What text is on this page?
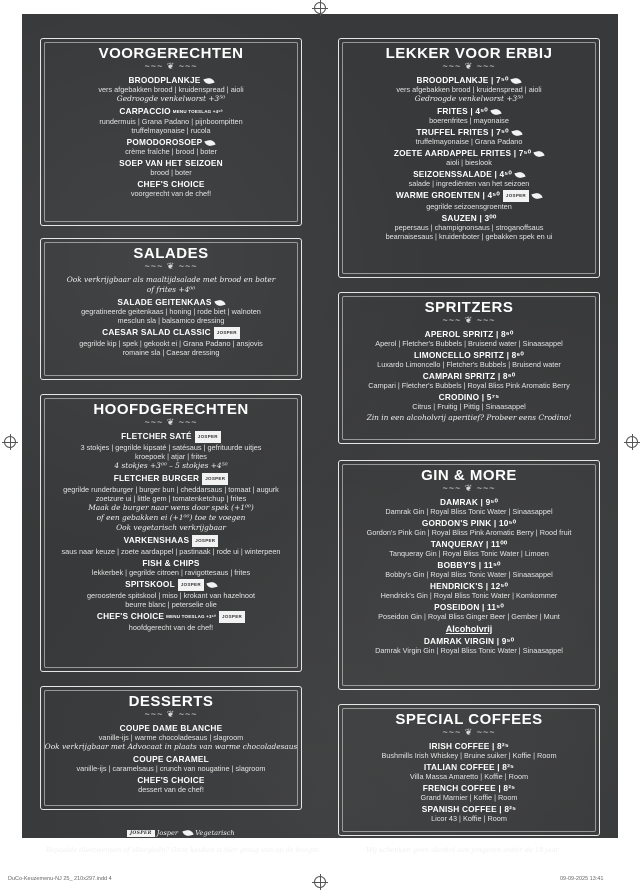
VOORGERECHTEN
~~~ ❦ ~~~
BROODPLANKJE
vers afgebakken brood | kruidenspread | aioli
Gedroogde venkelworst +3⁵⁰
CARPACCIO MENU TOESLAG +4⁵⁰
rundermuis | Grana Padano | pijnboompitten
truffelmayonaise | rucola
POMODOROSOEP
crème fraîche | brood | boter
SOEP VAN HET SEIZOEN
brood | boter
CHEF'S CHOICE
voorgerecht van de chef!
SALADES
~~~ ❦ ~~~
Ook verkrijgbaar als maaltijdsalade met brood en boter
of frites +4⁰⁰
SALADE GEITENKAAS
gegratineerde geitenkaas | honing | rode biet | walnoten
mesclun sla | balsamico dressing
CAESAR SALAD CLASSIC JOSPER
gegrilde kip | spek | gekookt ei | Grana Padano | ansjovis
romaine sla | Caesar dressing
HOOFDGERECHTEN
~~~ ❦ ~~~
FLETCHER SATÉ JOSPER
3 stokjes | gegrilde kipsaté | satésaus | gefrituurde uitjes
kroepoek | atjar | frites
4 stokjes +3⁰⁰ – 5 stokjes +4⁵⁰
FLETCHER BURGER JOSPER
gegrilde runderburger | burger bun | cheddarsaus | tomaat | augurk
zoetzure ui | little gem | tomatenketchup | frites
Maak de burger naar wens door spek (+1⁰⁰)
of een gebakken ei (+1⁰⁰) toe te voegen
Ook vegetarisch verkrijgbaar
VARKENSHAAS JOSPER
saus naar keuze | zoete aardappel | pastinaak | rode ui | winterpeen
FISH & CHIPS
lekkerbek | gegrilde citroen | ravigottesaus | frites
SPITSKOOL JOSPER
geroosterde spitskool | miso | krokant van hazelnoot
beurre blanc | peterselie olie
CHEF'S CHOICE MENU TOESLAG +3⁵⁰ JOSPER
hoofdgerecht van de chef!
DESSERTS
~~~ ❦ ~~~
COUPE DAME BLANCHE
vanille-ijs | warme chocoladesaus | slagroom
Ook verkrijgbaar met Advocaat in plaats van warme chocoladesaus
COUPE CARAMEL
vanille-ijs | caramelsaus | crunch van nougatine | slagroom
CHEF'S CHOICE
dessert van de chef!
LEKKER VOOR ERBIJ
~~~ ❦ ~~~
BROODPLANKJE | 7⁵⁰
vers afgebakken brood | kruidenspread | aioli
Gedroogde venkelworst +3⁵⁰
FRITES | 4⁵⁰
boerenfrites | mayonaise
TRUFFEL FRITES | 7⁵⁰
truffelmayonaise | Grana Padano
ZOETE AARDAPPEL FRITES | 7⁵⁰
aioli | bieslook
SEIZOENSSALADE | 4⁵⁰
salade | ingrediënten van het seizoen
WARME GROENTEN | 4⁵⁰ JOSPER
gegrilde seizoensgroenten
SAUZEN | 3⁰⁰
pepersaus | champignonsaus | stroganoffsaus
bearnaisesaus | kruidenboter | gebakken spek en ui
SPRITZERS
~~~ ❦ ~~~
APEROL SPRITZ | 8⁶⁰
Aperol | Fletcher's Bubbels | Bruisend water | Sinaasappel
LIMONCELLO SPRITZ | 8⁶⁰
Luxardo Limoncello | Fletcher's Bubbels | Bruisend water
CAMPARI SPRITZ | 8⁶⁰
Campari | Fletcher's Bubbels | Royal Bliss Pink Aromatic Berry
CRODINO | 5⁷⁵
Citrus | Fruitig | Pittig | Sinaasappel
Zin in een alcoholvrij aperitief? Probeer eens Crodino!
GIN & MORE
~~~ ❦ ~~~
DAMRAK | 9⁵⁰
Damrak Gin | Royal Bliss Tonic Water | Sinaasappel
GORDON'S PINK | 10⁵⁰
Gordon's Pink Gin | Royal Bliss Pink Aromatic Berry | Rood fruit
TANQUERAY | 11⁰⁰
Tanqueray Gin | Royal Bliss Tonic Water | Limoen
BOBBY'S | 11⁵⁰
Bobby's Gin | Royal Bliss Tonic Water | Sinaasappel
HENDRICK'S | 12⁵⁰
Hendrick's Gin | Royal Bliss Tonic Water | Komkommer
POSEIDON | 11⁵⁰
Poseidon Gin | Royal Bliss Ginger Beer | Gember | Munt
Alcoholvrij
DAMRAK VIRGIN | 9⁵⁰
Damrak Virgin Gin | Royal Bliss Tonic Water | Sinaasappel
SPECIAL COFFEES
~~~ ❦ ~~~
IRISH COFFEE | 8²⁵
Bushmills Irish Whiskey | Bruine suiker | Koffie | Room
ITALIAN COFFEE | 8²⁵
Villa Massa Amaretto | Koffie | Room
FRENCH COFFEE | 8²⁵
Grand Marnier | Koffie | Room
SPANISH COFFEE | 8²⁵
Licor 43 | Koffie | Room
JOSPER Josper	Vegetarisch
Bepaalde dieetwensen of allergieën? Onze keuken is hier graag van op de hoogte.	Wij schenken geen alcohol aan jongeren onder de 18 jaar.
DuCo-Keuzemenu-NJ 25_ 210x297.indd 4	09-09-2025 13:41
